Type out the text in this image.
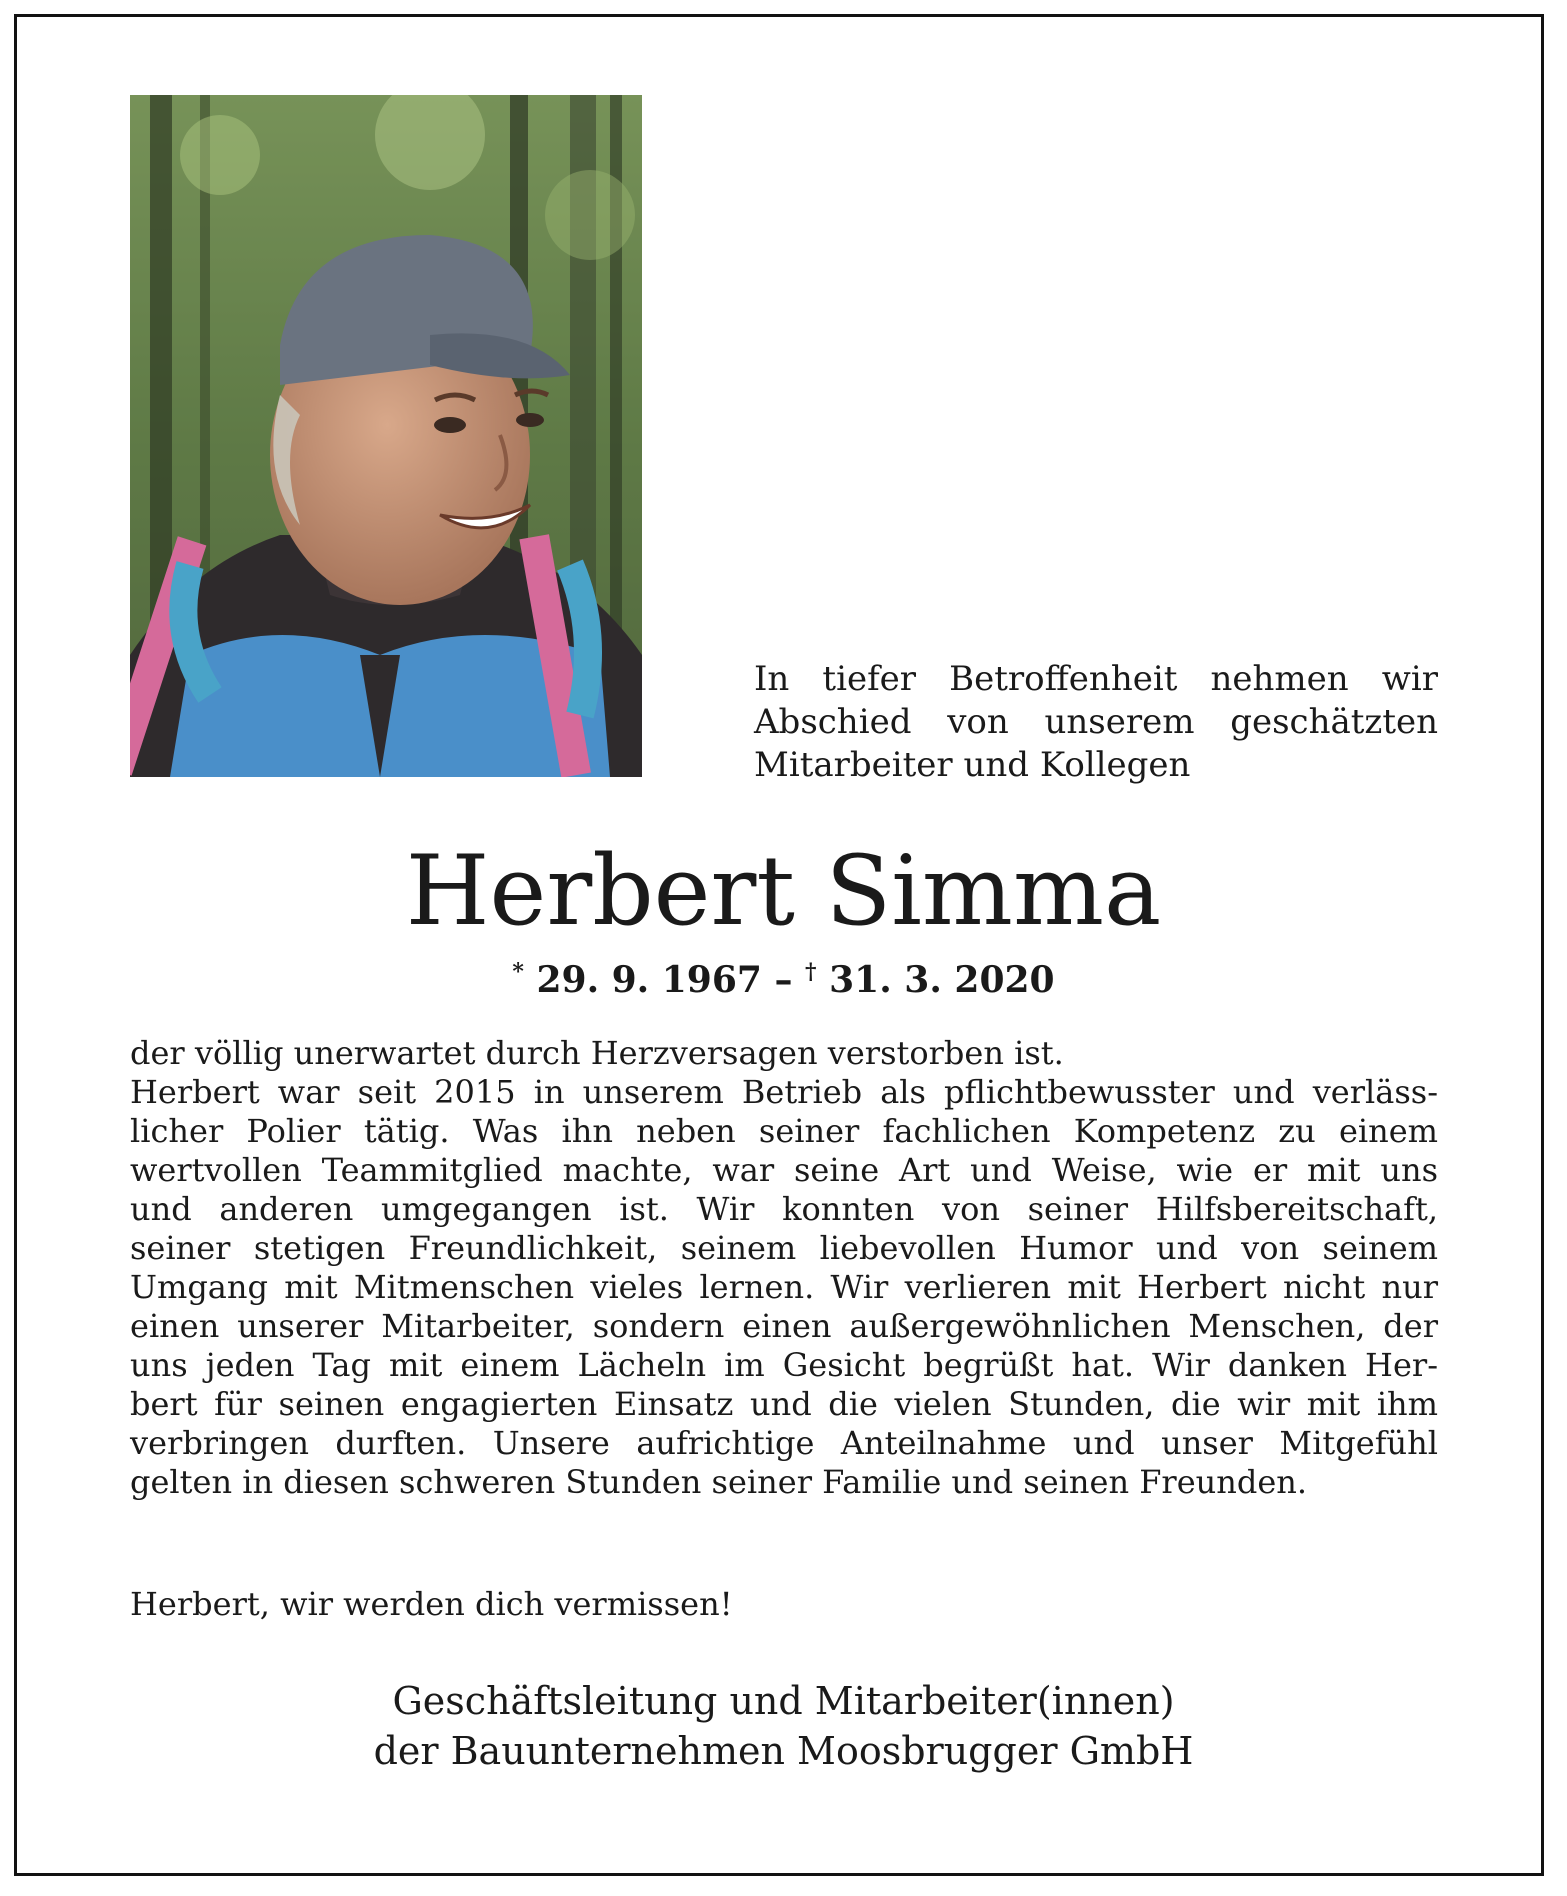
In tiefer Betroffenheit nehmen wir
Abschied von unserem geschätzten
Mitarbeiter und Kollegen
Herbert Simma
* 29. 9. 1967 – † 31. 3. 2020
der völlig unerwartet durch Herzversagen verstorben ist.
Herbert war seit 2015 in unserem Betrieb als pflichtbewusster und verläss-
licher Polier tätig. Was ihn neben seiner fachlichen Kompetenz zu einem
wertvollen Teammitglied machte, war seine Art und Weise, wie er mit uns
und anderen umgegangen ist. Wir konnten von seiner Hilfsbereitschaft,
seiner stetigen Freundlichkeit, seinem liebevollen Humor und von seinem
Umgang mit Mitmenschen vieles lernen. Wir verlieren mit Herbert nicht nur
einen unserer Mitarbeiter, sondern einen außergewöhnlichen Menschen, der
uns jeden Tag mit einem Lächeln im Gesicht begrüßt hat. Wir danken Her-
bert für seinen engagierten Einsatz und die vielen Stunden, die wir mit ihm
verbringen durften. Unsere aufrichtige Anteilnahme und unser Mitgefühl
gelten in diesen schweren Stunden seiner Familie und seinen Freunden.
Herbert, wir werden dich vermissen!
Geschäftsleitung und Mitarbeiter(innen)
der Bauunternehmen Moosbrugger GmbH
